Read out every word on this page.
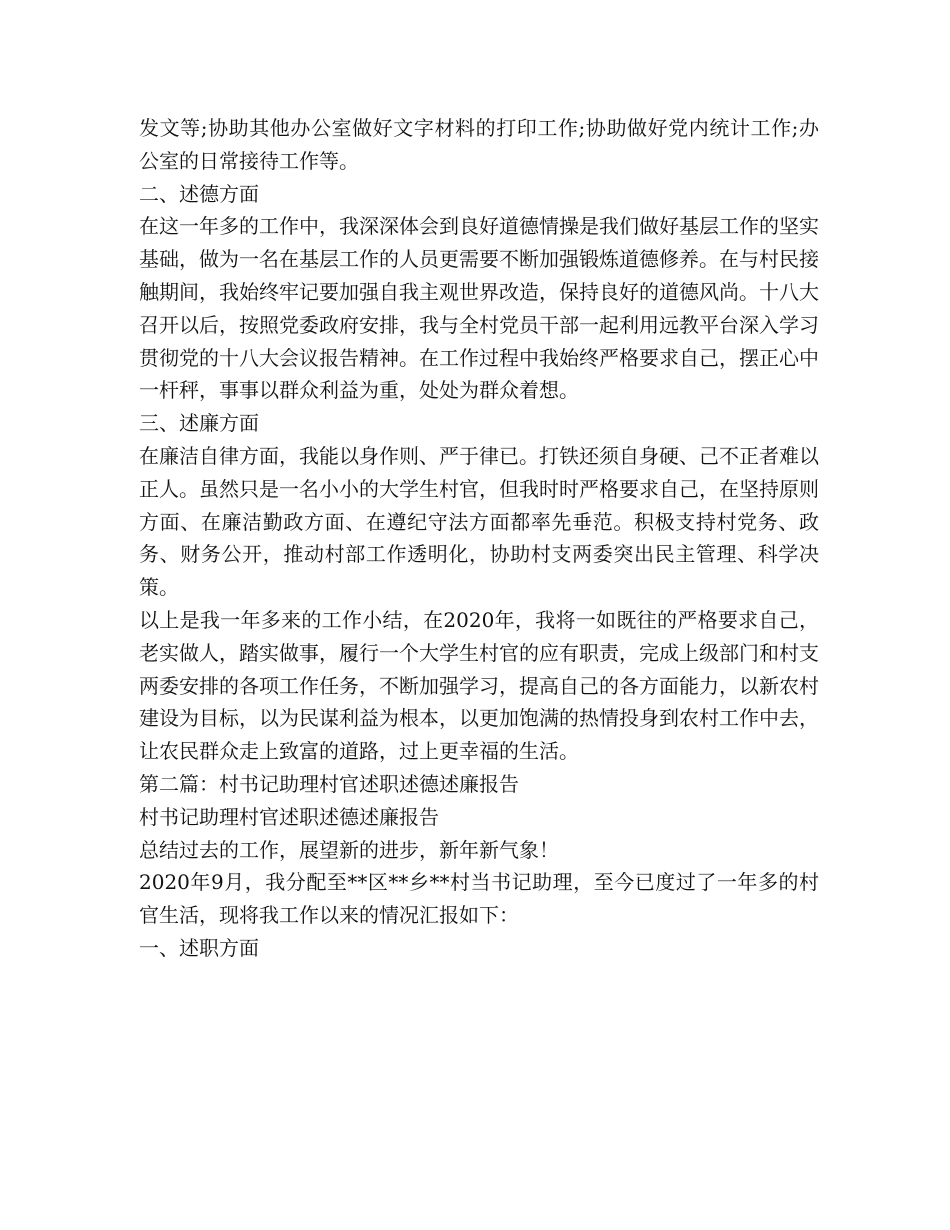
发文等;协助其他办公室做好文字材料的打印工作;协助做好党内统计工作;办公室的日常接待工作等。

二、述德方面

在这一年多的工作中，我深深体会到良好道德情操是我们做好基层工作的坚实基础，做为一名在基层工作的人员更需要不断加强锻炼道德修养。在与村民接触期间，我始终牢记要加强自我主观世界改造，保持良好的道德风尚。十八大召开以后，按照党委政府安排，我与全村党员干部一起利用远教平台深入学习贯彻党的十八大会议报告精神。在工作过程中我始终严格要求自己，摆正心中一杆秤，事事以群众利益为重，处处为群众着想。

三、述廉方面

在廉洁自律方面，我能以身作则、严于律已。打铁还须自身硬、己不正者难以正人。虽然只是一名小小的大学生村官，但我时时严格要求自己，在坚持原则方面、在廉洁勤政方面、在遵纪守法方面都率先垂范。积极支持村党务、政务、财务公开，推动村部工作透明化，协助村支两委突出民主管理、科学决策。

以上是我一年多来的工作小结，在2020年，我将一如既往的严格要求自己，老实做人，踏实做事，履行一个大学生村官的应有职责，完成上级部门和村支两委安排的各项工作任务，不断加强学习，提高自己的各方面能力，以新农村建设为目标，以为民谋利益为根本，以更加饱满的热情投身到农村工作中去，让农民群众走上致富的道路，过上更幸福的生活。

第二篇：村书记助理村官述职述德述廉报告

村书记助理村官述职述德述廉报告

总结过去的工作，展望新的进步，新年新气象！

2020年9月，我分配至**区**乡**村当书记助理，至今已度过了一年多的村官生活，现将我工作以来的情况汇报如下：

一、述职方面
